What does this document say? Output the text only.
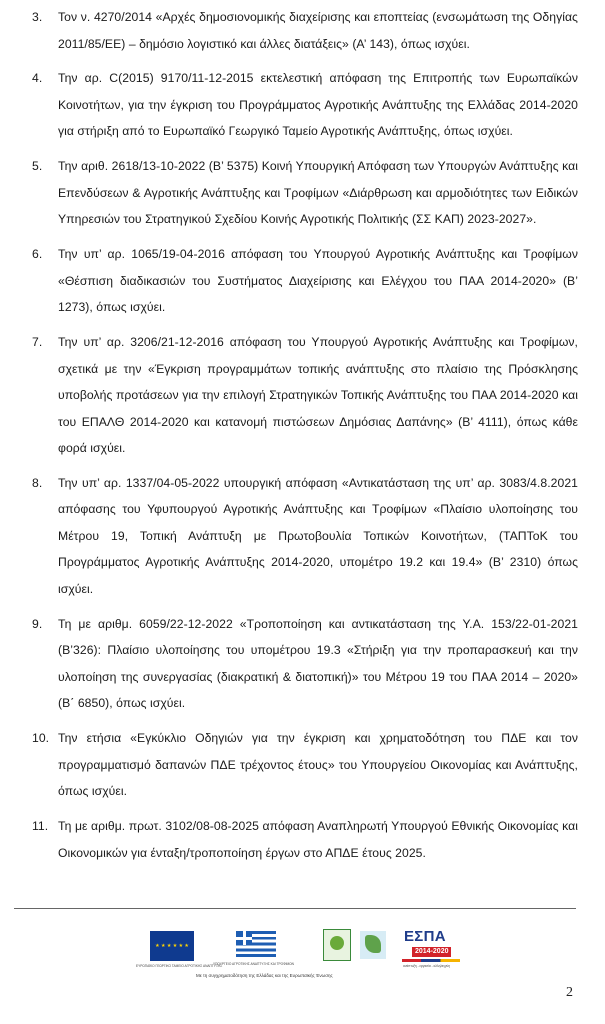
3. Τον ν. 4270/2014 «Αρχές δημοσιονομικής διαχείρισης και εποπτείας (ενσωμάτωση της Οδηγίας 2011/85/ΕΕ) – δημόσιο λογιστικό και άλλες διατάξεις» (Α’ 143), όπως ισχύει.
4. Την αρ. C(2015) 9170/11-12-2015 εκτελεστική απόφαση της Επιτροπής των Ευρωπαϊκών Κοινοτήτων, για την έγκριση του Προγράμματος Αγροτικής Ανάπτυξης της Ελλάδας 2014-2020 για στήριξη από το Ευρωπαϊκό Γεωργικό Ταμείο Αγροτικής Ανάπτυξης, όπως ισχύει.
5. Την αριθ. 2618/13-10-2022 (Β’ 5375) Κοινή Υπουργική Απόφαση των Υπουργών Ανάπτυξης και Επενδύσεων & Αγροτικής Ανάπτυξης και Τροφίμων «Διάρθρωση και αρμοδιότητες των Ειδικών Υπηρεσιών του Στρατηγικού Σχεδίου Κοινής Αγροτικής Πολιτικής (ΣΣ ΚΑΠ) 2023-2027».
6. Την υπ’ αρ. 1065/19-04-2016 απόφαση του Υπουργού Αγροτικής Ανάπτυξης και Τροφίμων «Θέσπιση διαδικασιών του Συστήματος Διαχείρισης και Ελέγχου του ΠΑΑ 2014-2020» (Β’ 1273), όπως ισχύει.
7. Την υπ’ αρ. 3206/21-12-2016 απόφαση του Υπουργού Αγροτικής Ανάπτυξης και Τροφίμων, σχετικά με την «Έγκριση προγραμμάτων τοπικής ανάπτυξης στο πλαίσιο της Πρόσκλησης υποβολής προτάσεων για την επιλογή Στρατηγικών Τοπικής Ανάπτυξης του ΠΑΑ 2014-2020 και του ΕΠΑΛΘ 2014-2020 και κατανομή πιστώσεων Δημόσιας Δαπάνης» (Β’ 4111), όπως κάθε φορά ισχύει.
8. Την υπ’ αρ. 1337/04-05-2022 υπουργική απόφαση «Αντικατάσταση της υπ’ αρ. 3083/4.8.2021 απόφασης του Υφυπουργού Αγροτικής Ανάπτυξης και Τροφίμων «Πλαίσιο υλοποίησης του Μέτρου 19, Τοπική Ανάπτυξη με Πρωτοβουλία Τοπικών Κοινοτήτων, (ΤΑΠΤοΚ του Προγράμματος Αγροτικής Ανάπτυξης 2014-2020, υπομέτρο 19.2 και 19.4» (Β’ 2310) όπως ισχύει.
9. Τη με αριθμ. 6059/22-12-2022 «Τροποποίηση και αντικατάσταση της Υ.Α. 153/22-01-2021 (Β’326): Πλαίσιο υλοποίησης του υπομέτρου 19.3 «Στήριξη για την προπαρασκευή και την υλοποίηση της συνεργασίας (διακρατική & διατοπική)» του Μέτρου 19 του ΠΑΑ 2014 – 2020» (Β΄ 6850), όπως ισχύει.
10. Την ετήσια «Εγκύκλιο Οδηγιών για την έγκριση και χρηματοδότηση του ΠΔΕ και τον προγραμματισμό δαπανών ΠΔΕ τρέχοντος έτους» του Υπουργείου Οικονομίας και Ανάπτυξης, όπως ισχύει.
11. Τη με αριθμ. πρωτ. 3102/08-08-2025 απόφαση Αναπληρωτή Υπουργού Εθνικής Οικονομίας και Οικονομικών για ένταξη/τροποποίηση έργων στο ΑΠΔΕ έτους 2025.
★ ★ ★ ★ ★ ★
ΕΥΡΩΠΑΪΚΟ ΓΕΩΡΓΙΚΟ ΤΑΜΕΙΟ ΑΓΡΟΤΙΚΗΣ ΑΝΑΠΤΥΞΗΣ
ΥΠΟΥΡΓΕΙΟ ΑΓΡΟΤΙΚΗΣ ΑΝΑΠΤΥΞΗΣ ΚΑΙ ΤΡΟΦΙΜΩΝ
ΕΣΠΑ
2014-2020
ανάπτυξη - εργασία - αλληλεγγύη
Με τη συγχρηματοδότηση της Ελλάδας και της Ευρωπαϊκής Ένωσης
2
